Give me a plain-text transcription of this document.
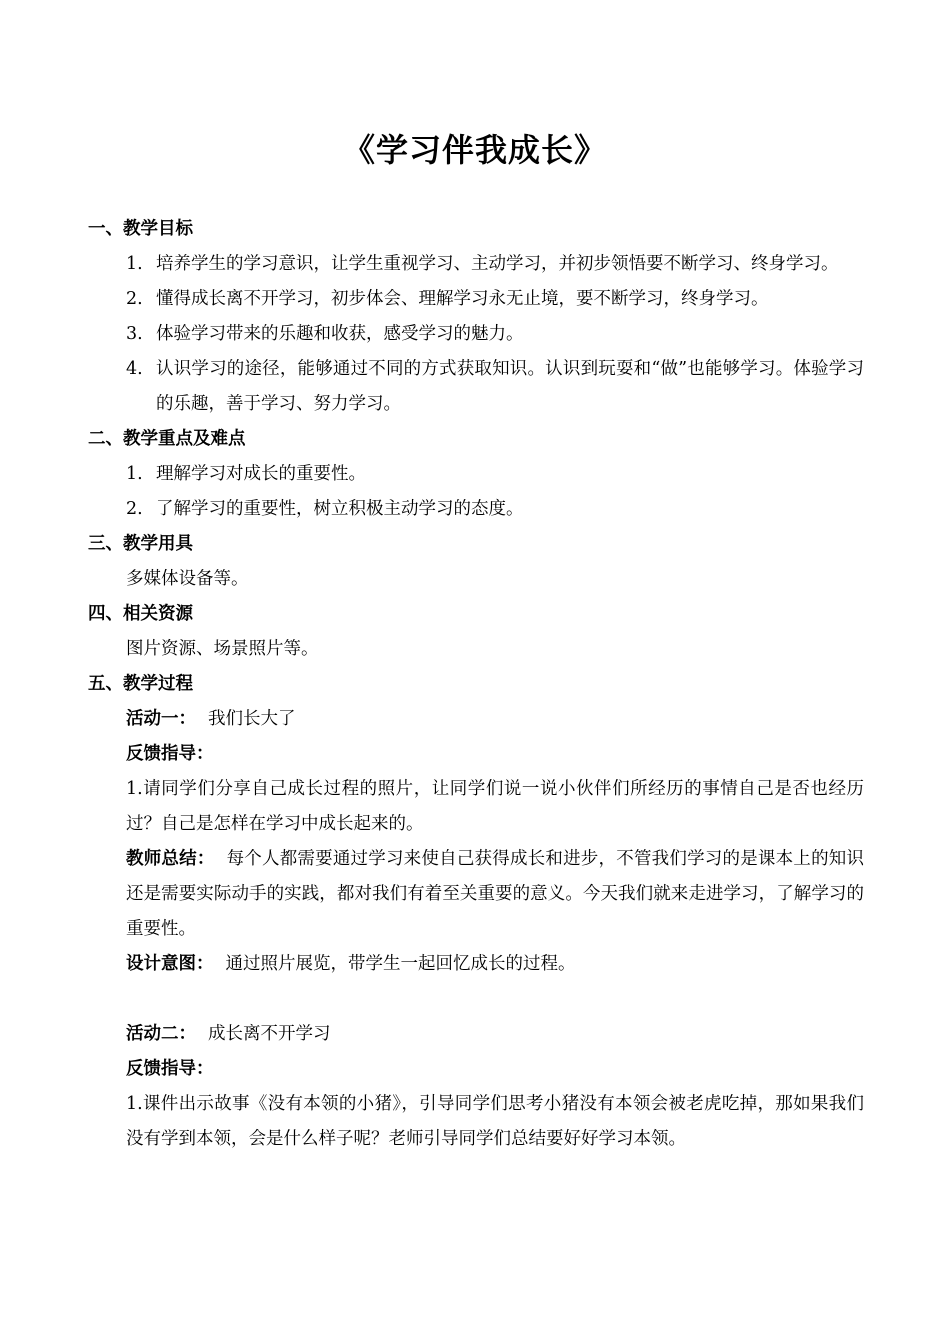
《学习伴我成长》
一、教学目标
1. 培养学生的学习意识，让学生重视学习、主动学习，并初步领悟要不断学习、终身学习。
2. 懂得成长离不开学习，初步体会、理解学习永无止境，要不断学习，终身学习。
3. 体验学习带来的乐趣和收获，感受学习的魅力。
4. 认识学习的途径，能够通过不同的方式获取知识。认识到玩耍和“做”也能够学习。体验学习的乐趣，善于学习、努力学习。
二、教学重点及难点
1. 理解学习对成长的重要性。
2. 了解学习的重要性，树立积极主动学习的态度。
三、教学用具
多媒体设备等。
四、相关资源
图片资源、场景照片等。
五、教学过程
活动一： 我们长大了
反馈指导：
1.请同学们分享自己成长过程的照片，让同学们说一说小伙伴们所经历的事情自己是否也经历过？自己是怎样在学习中成长起来的。
教师总结： 每个人都需要通过学习来使自己获得成长和进步，不管我们学习的是课本上的知识还是需要实际动手的实践，都对我们有着至关重要的意义。今天我们就来走进学习，了解学习的重要性。
设计意图： 通过照片展览，带学生一起回忆成长的过程。
活动二： 成长离不开学习
反馈指导：
1.课件出示故事《没有本领的小猪》，引导同学们思考小猪没有本领会被老虎吃掉，那如果我们没有学到本领，会是什么样子呢？老师引导同学们总结要好好学习本领。
